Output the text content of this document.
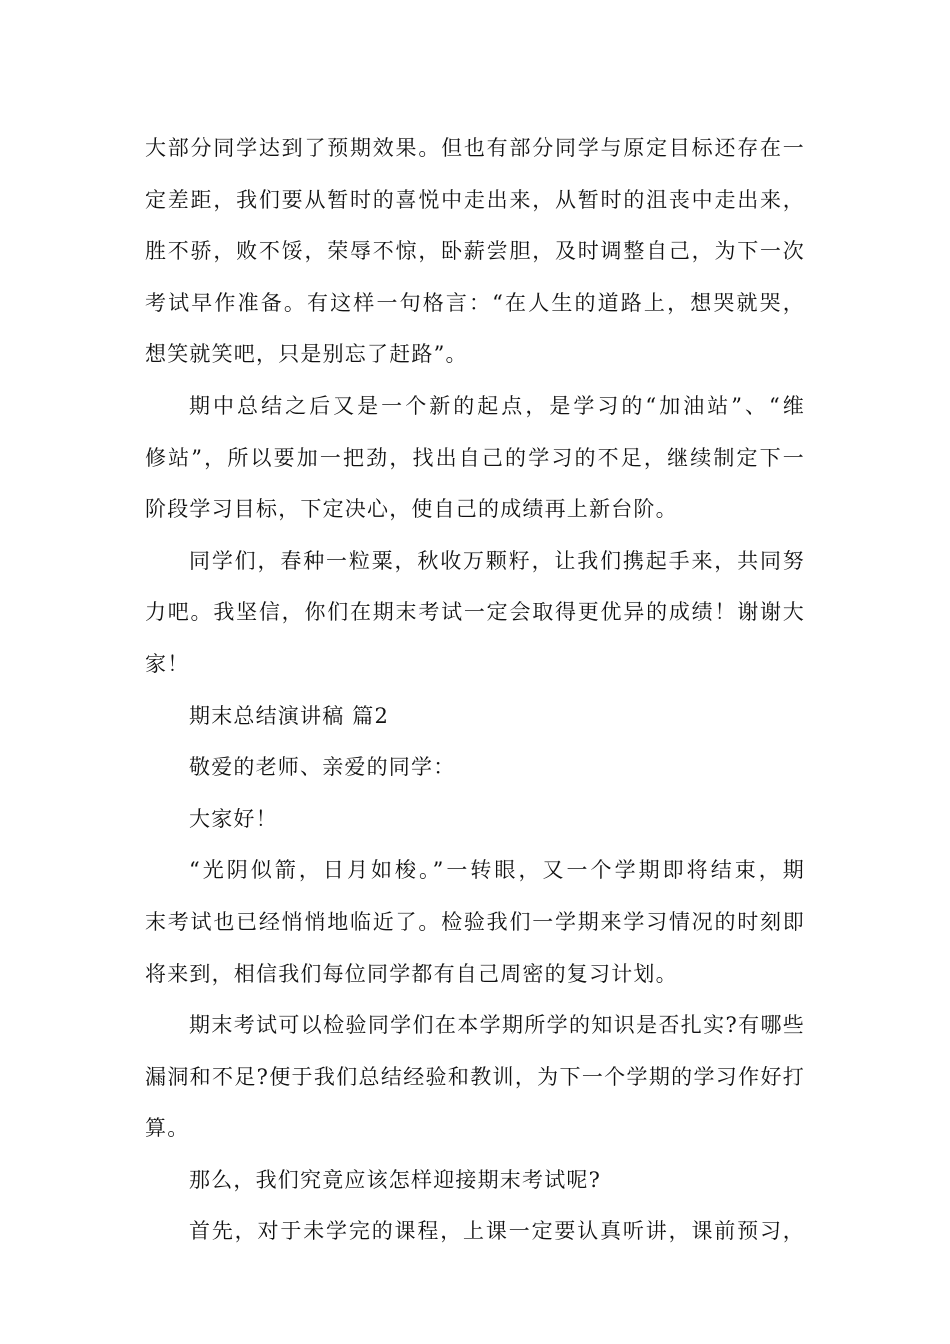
大部分同学达到了预期效果。但也有部分同学与原定目标还存在一
定差距，我们要从暂时的喜悦中走出来，从暂时的沮丧中走出来，
胜不骄，败不馁，荣辱不惊，卧薪尝胆，及时调整自己，为下一次
考试早作准备。有这样一句格言：“在人生的道路上，想哭就哭，
想笑就笑吧，只是别忘了赶路”。
期中总结之后又是一个新的起点，是学习的“加油站”、“维
修站”，所以要加一把劲，找出自己的学习的不足，继续制定下一
阶段学习目标，下定决心，使自己的成绩再上新台阶。
同学们，春种一粒粟，秋收万颗籽，让我们携起手来，共同努
力吧。我坚信，你们在期末考试一定会取得更优异的成绩！谢谢大
家！
期末总结演讲稿 篇2
敬爱的老师、亲爱的同学：
大家好！
“光阴似箭，日月如梭。”一转眼，又一个学期即将结束，期
末考试也已经悄悄地临近了。检验我们一学期来学习情况的时刻即
将来到，相信我们每位同学都有自己周密的复习计划。
期末考试可以检验同学们在本学期所学的知识是否扎实?有哪些
漏洞和不足?便于我们总结经验和教训，为下一个学期的学习作好打
算。
那么，我们究竟应该怎样迎接期末考试呢?
首先，对于未学完的课程，上课一定要认真听讲，课前预习，
